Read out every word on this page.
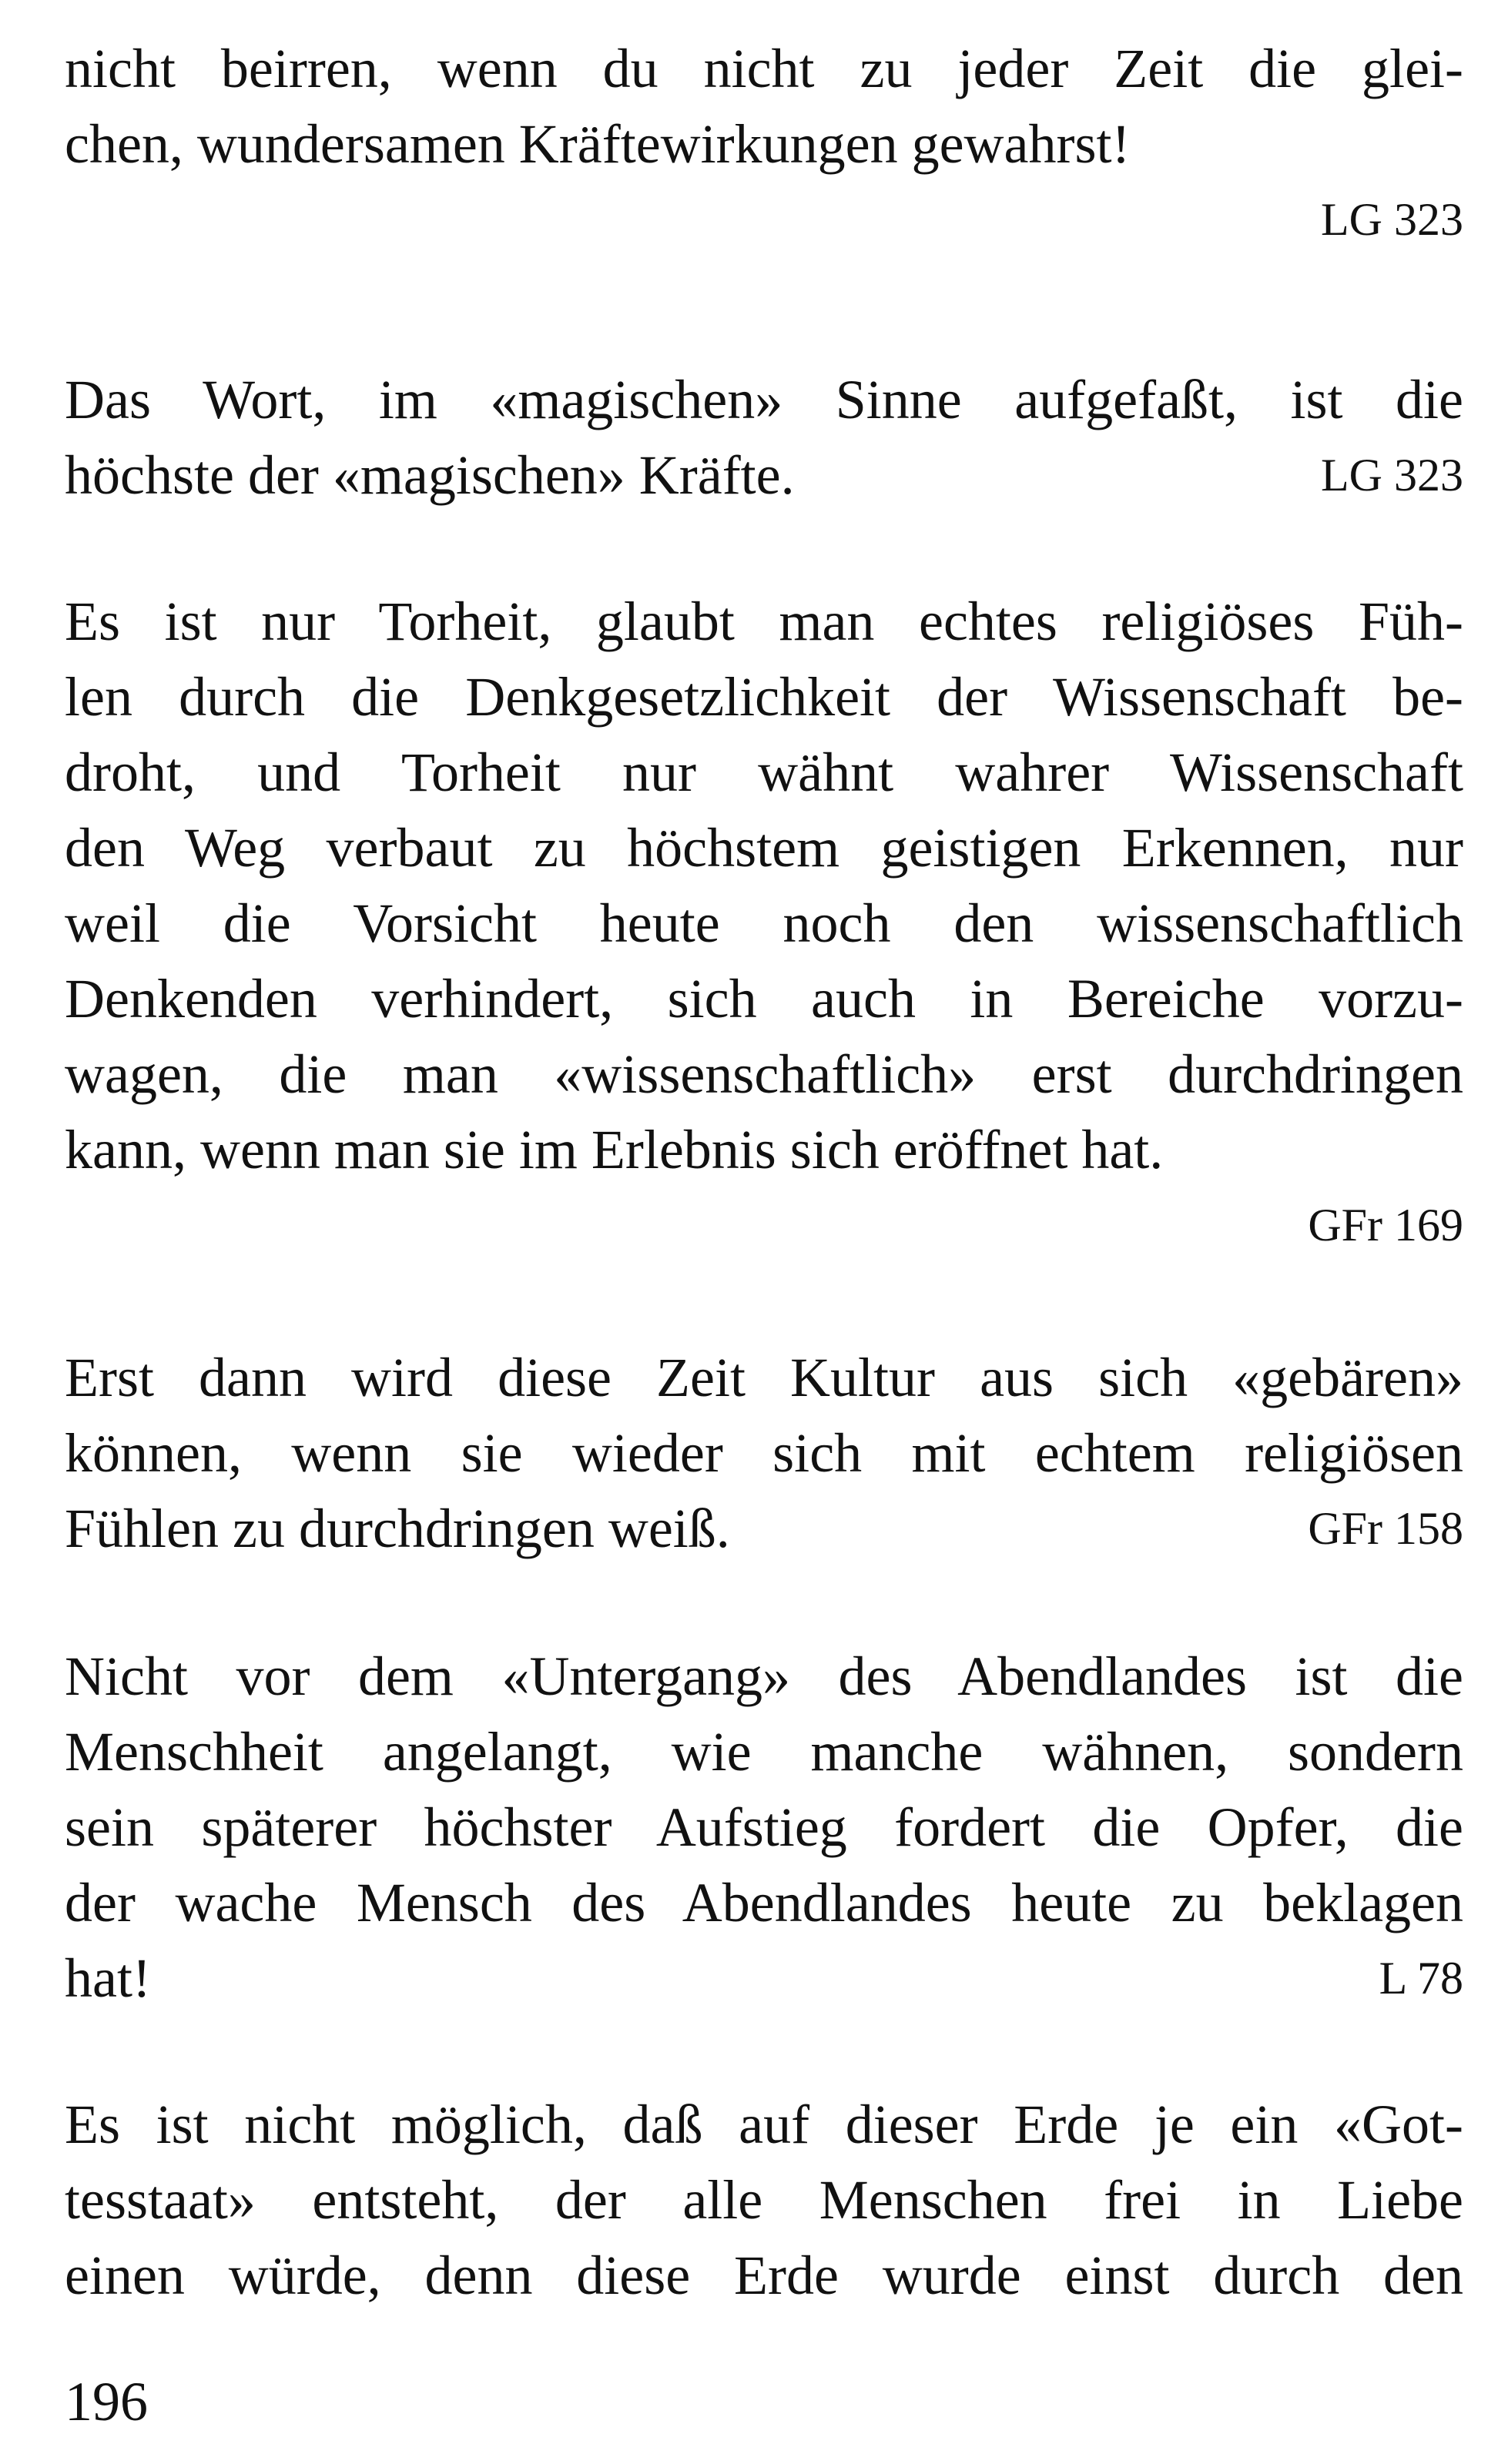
nicht beirren, wenn du nicht zu jeder Zeit die glei-
chen, wundersamen Kräftewirkungen gewahrst!
LG 323
Das Wort, im «magischen» Sinne aufgefaßt, ist die
höchste der «magischen» Kräfte.	LG 323
Es ist nur Torheit, glaubt man echtes religiöses Füh-
len durch die Denkgesetzlichkeit der Wissenschaft be-
droht, und Torheit nur wähnt wahrer Wissenschaft
den Weg verbaut zu höchstem geistigen Erkennen, nur
weil die Vorsicht heute noch den wissenschaftlich
Denkenden verhindert, sich auch in Bereiche vorzu-
wagen, die man «wissenschaftlich» erst durchdringen
kann, wenn man sie im Erlebnis sich eröffnet hat.
GFr 169
Erst dann wird diese Zeit Kultur aus sich «gebären»
können, wenn sie wieder sich mit echtem religiösen
Fühlen zu durchdringen weiß.	GFr 158
Nicht vor dem «Untergang» des Abendlandes ist die
Menschheit angelangt, wie manche wähnen, sondern
sein späterer höchster Aufstieg fordert die Opfer, die
der wache Mensch des Abendlandes heute zu beklagen
hat!	L 78
Es ist nicht möglich, daß auf dieser Erde je ein «Got-
tesstaat» entsteht, der alle Menschen frei in Liebe
einen würde, denn diese Erde wurde einst durch den
196
